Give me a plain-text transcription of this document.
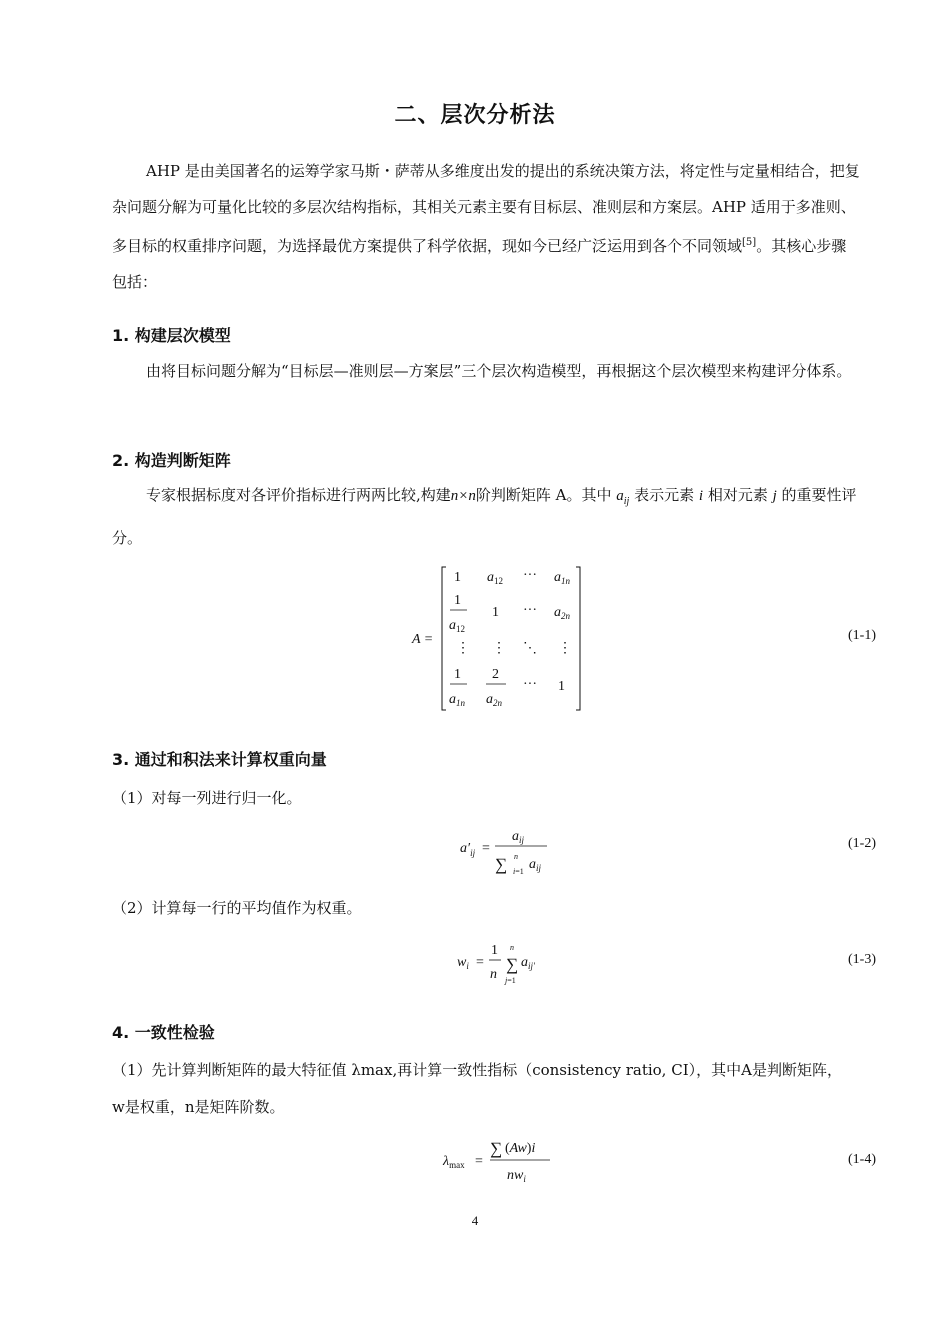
二、层次分析法
AHP 是由美国著名的运筹学家马斯・萨蒂从多维度出发的提出的系统决策方法，将定性与定量相结合，把复杂问题分解为可量化比较的多层次结构指标，其相关元素主要有目标层、准则层和方案层。AHP 适用于多准则、多目标的权重排序问题，为选择最优方案提供了科学依据，现如今已经广泛运用到各个不同领域[5]。其核心步骤包括：
1. 构建层次模型
由将目标问题分解为“目标层—准则层—方案层”三个层次构造模型，再根据这个层次模型来构建评分体系。
2. 构造判断矩阵
专家根据标度对各评价指标进行两两比较,构建n×n阶判断矩阵 A。其中 $a_{ij}$ 表示元素 i 相对元素 j 的重要性评分。
A =
1 $a_{12}$ ··· $a_{1n}$
1
$a_{12}$
1 ··· $a_{2n}$
⋮ ⋮ ⋱ ⋮
1
$a_{1n}$
2
$a_{2n}$
··· 1
(1-1)
3. 通过和积法来计算权重向量
（1）对每一列进行归一化。
$a'_{ij}$ =
$a_{ij}$
∑ n
i=1 $a_{ij}$
(1-2)
（2）计算每一行的平均值作为权重。
$w_i$ =
1
n
∑
n
j=1
$a_{ij'}$	(1-3)
4. 一致性检验
（1）先计算判断矩阵的最大特征值 λmax,再计算一致性指标（consistency ratio, CI），其中A是判断矩阵，
w是权重，n是矩阵阶数。
$\lambda_{max}$ =
∑ (Aw)i
$nw_i$
(1-4)
4
